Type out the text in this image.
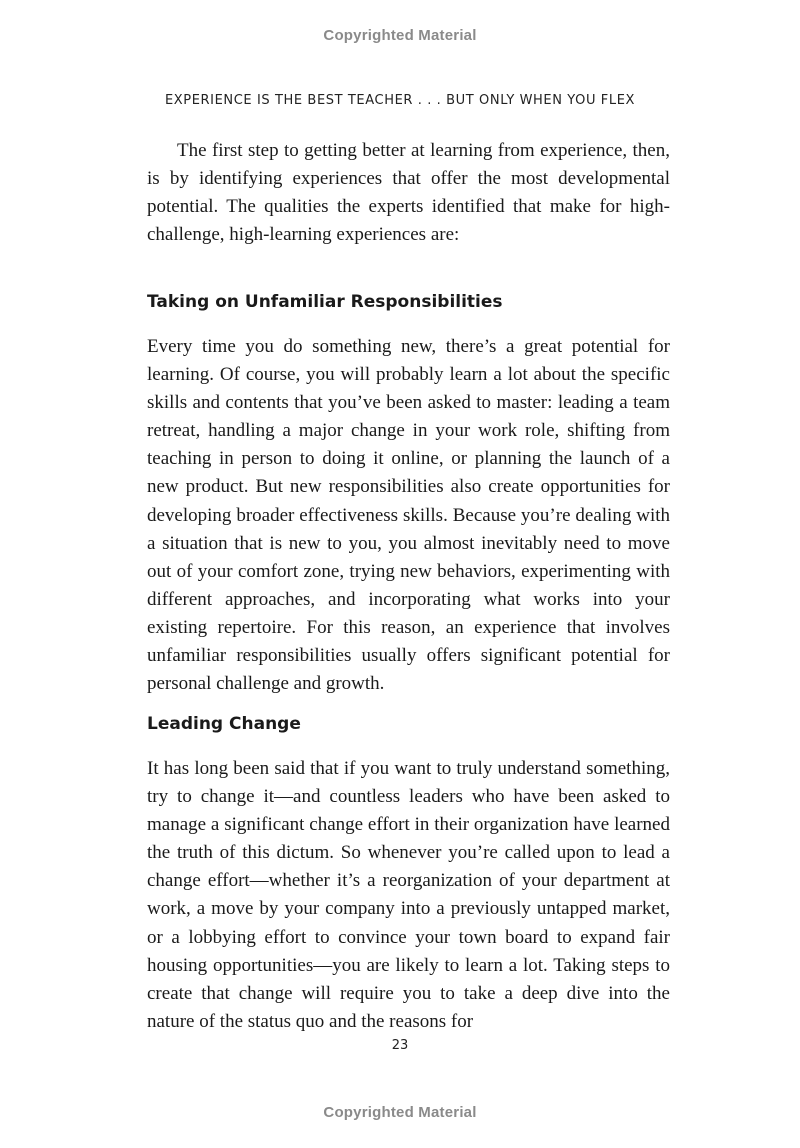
Copyrighted Material
EXPERIENCE IS THE BEST TEACHER . . . BUT ONLY WHEN YOU FLEX

The first step to getting better at learning from experience, then, is by identifying experiences that offer the most developmental potential. The qualities the experts identified that make for high-challenge, high-learning experiences are:

Taking on Unfamiliar Responsibilities

Every time you do something new, there’s a great potential for learning. Of course, you will probably learn a lot about the specific skills and contents that you’ve been asked to master: leading a team retreat, handling a major change in your work role, shifting from teaching in person to doing it online, or planning the launch of a new product. But new responsibilities also create opportunities for developing broader effectiveness skills. Because you’re dealing with a situation that is new to you, you almost inevitably need to move out of your comfort zone, trying new behaviors, experimenting with different approaches, and incorporating what works into your existing repertoire. For this reason, an experience that involves unfamiliar responsibilities usually offers significant potential for personal challenge and growth.

Leading Change

It has long been said that if you want to truly understand something, try to change it—and countless leaders who have been asked to manage a significant change effort in their organization have learned the truth of this dictum. So whenever you’re called upon to lead a change effort—whether it’s a reorganization of your department at work, a move by your company into a previously untapped market, or a lobbying effort to convince your town board to expand fair housing opportunities—you are likely to learn a lot. Taking steps to create that change will require you to take a deep dive into the nature of the status quo and the reasons for

23
Copyrighted Material
